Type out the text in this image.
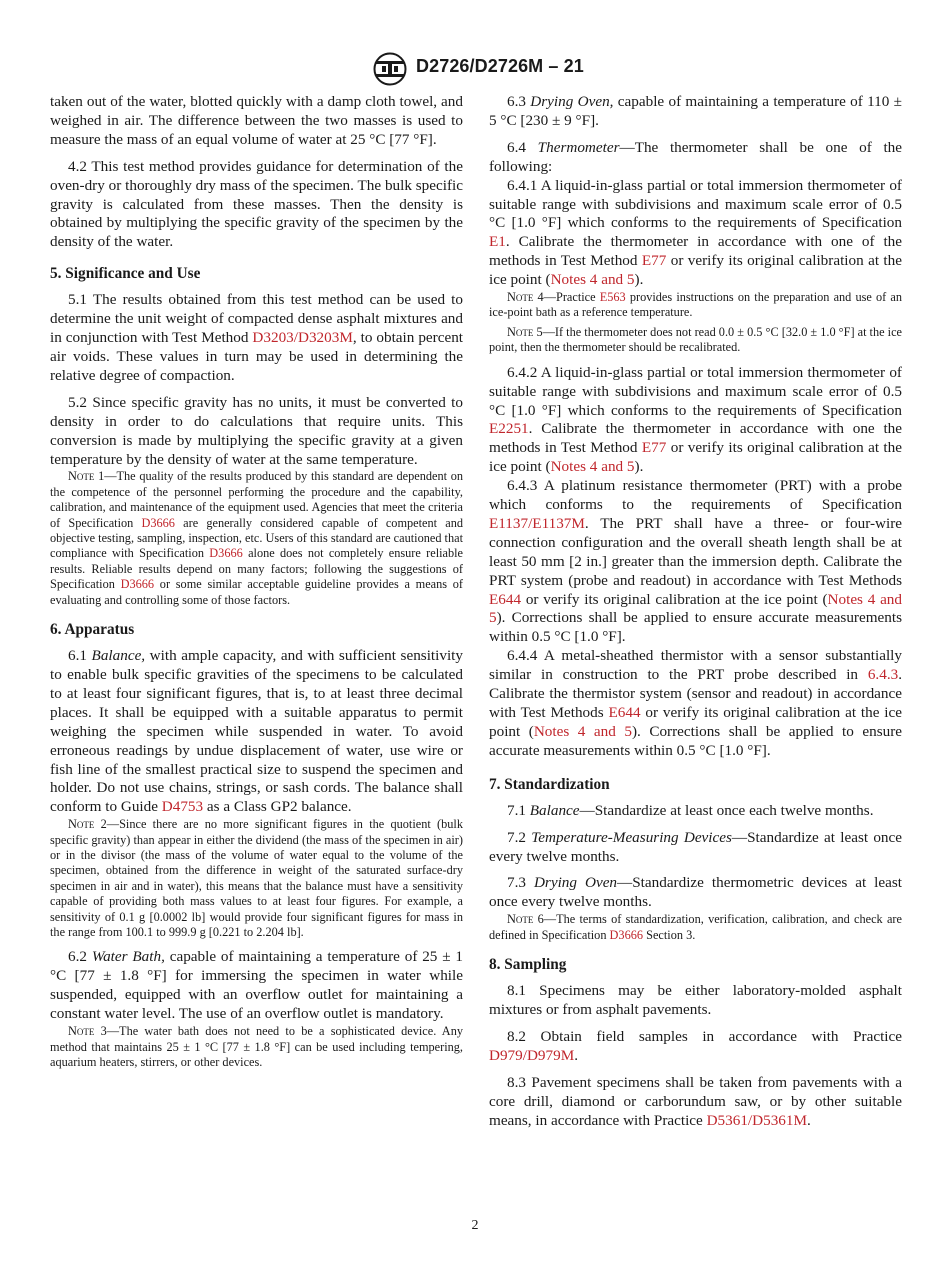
D2726/D2726M – 21

taken out of the water, blotted quickly with a damp cloth towel, and weighed in air. The difference between the two masses is used to measure the mass of an equal volume of water at 25 °C [77 °F].

4.2 This test method provides guidance for determination of the oven-dry or thoroughly dry mass of the specimen. The bulk specific gravity is calculated from these masses. Then the density is obtained by multiplying the specific gravity of the specimen by the density of the water.

5. Significance and Use

5.1 The results obtained from this test method can be used to determine the unit weight of compacted dense asphalt mixtures and in conjunction with Test Method D3203/D3203M, to obtain percent air voids. These values in turn may be used in determining the relative degree of compaction.

5.2 Since specific gravity has no units, it must be converted to density in order to do calculations that require units. This conversion is made by multiplying the specific gravity at a given temperature by the density of water at the same temperature.

Note 1—The quality of the results produced by this standard are dependent on the competence of the personnel performing the procedure and the capability, calibration, and maintenance of the equipment used. Agencies that meet the criteria of Specification D3666 are generally considered capable of competent and objective testing, sampling, inspection, etc. Users of this standard are cautioned that compliance with Specification D3666 alone does not completely ensure reliable results. Reliable results depend on many factors; following the suggestions of Specification D3666 or some similar acceptable guideline provides a means of evaluating and controlling some of those factors.

6. Apparatus

6.1 Balance, with ample capacity, and with sufficient sensitivity to enable bulk specific gravities of the specimens to be calculated to at least four significant figures, that is, to at least three decimal places. It shall be equipped with a suitable apparatus to permit weighing the specimen while suspended in water. To avoid erroneous readings by undue displacement of water, use wire or fish line of the smallest practical size to suspend the specimen and holder. Do not use chains, strings, or sash cords. The balance shall conform to Guide D4753 as a Class GP2 balance.

Note 2—Since there are no more significant figures in the quotient (bulk specific gravity) than appear in either the dividend (the mass of the specimen in air) or in the divisor (the mass of the volume of water equal to the volume of the specimen, obtained from the difference in weight of the saturated surface-dry specimen in air and in water), this means that the balance must have a sensitivity capable of providing both mass values to at least four figures. For example, a sensitivity of 0.1 g [0.0002 lb] would provide four significant figures for mass in the range from 100.1 to 999.9 g [0.221 to 2.204 lb].

6.2 Water Bath, capable of maintaining a temperature of 25 ± 1 °C [77 ± 1.8 °F] for immersing the specimen in water while suspended, equipped with an overflow outlet for maintaining a constant water level. The use of an overflow outlet is mandatory.

Note 3—The water bath does not need to be a sophisticated device. Any method that maintains 25 ± 1 °C [77 ± 1.8 °F] can be used including tempering, aquarium heaters, stirrers, or other devices.

6.3 Drying Oven, capable of maintaining a temperature of 110 ± 5 °C [230 ± 9 °F].

6.4 Thermometer—The thermometer shall be one of the following:

6.4.1 A liquid-in-glass partial or total immersion thermometer of suitable range with subdivisions and maximum scale error of 0.5 °C [1.0 °F] which conforms to the requirements of Specification E1. Calibrate the thermometer in accordance with one of the methods in Test Method E77 or verify its original calibration at the ice point (Notes 4 and 5).

Note 4—Practice E563 provides instructions on the preparation and use of an ice-point bath as a reference temperature.

Note 5—If the thermometer does not read 0.0 ± 0.5 °C [32.0 ± 1.0 °F] at the ice point, then the thermometer should be recalibrated.

6.4.2 A liquid-in-glass partial or total immersion thermometer of suitable range with subdivisions and maximum scale error of 0.5 °C [1.0 °F] which conforms to the requirements of Specification E2251. Calibrate the thermometer in accordance with one the methods in Test Method E77 or verify its original calibration at the ice point (Notes 4 and 5).

6.4.3 A platinum resistance thermometer (PRT) with a probe which conforms to the requirements of Specification E1137/E1137M. The PRT shall have a three- or four-wire connection configuration and the overall sheath length shall be at least 50 mm [2 in.] greater than the immersion depth. Calibrate the PRT system (probe and readout) in accordance with Test Methods E644 or verify its original calibration at the ice point (Notes 4 and 5). Corrections shall be applied to ensure accurate measurements within 0.5 °C [1.0 °F].

6.4.4 A metal-sheathed thermistor with a sensor substantially similar in construction to the PRT probe described in 6.4.3. Calibrate the thermistor system (sensor and readout) in accordance with Test Methods E644 or verify its original calibration at the ice point (Notes 4 and 5). Corrections shall be applied to ensure accurate measurements within 0.5 °C [1.0 °F].

7. Standardization

7.1 Balance—Standardize at least once each twelve months.

7.2 Temperature-Measuring Devices—Standardize at least once every twelve months.

7.3 Drying Oven—Standardize thermometric devices at least once every twelve months.

Note 6—The terms of standardization, verification, calibration, and check are defined in Specification D3666 Section 3.

8. Sampling

8.1 Specimens may be either laboratory-molded asphalt mixtures or from asphalt pavements.

8.2 Obtain field samples in accordance with Practice D979/D979M.

8.3 Pavement specimens shall be taken from pavements with a core drill, diamond or carborundum saw, or by other suitable means, in accordance with Practice D5361/D5361M.

2
